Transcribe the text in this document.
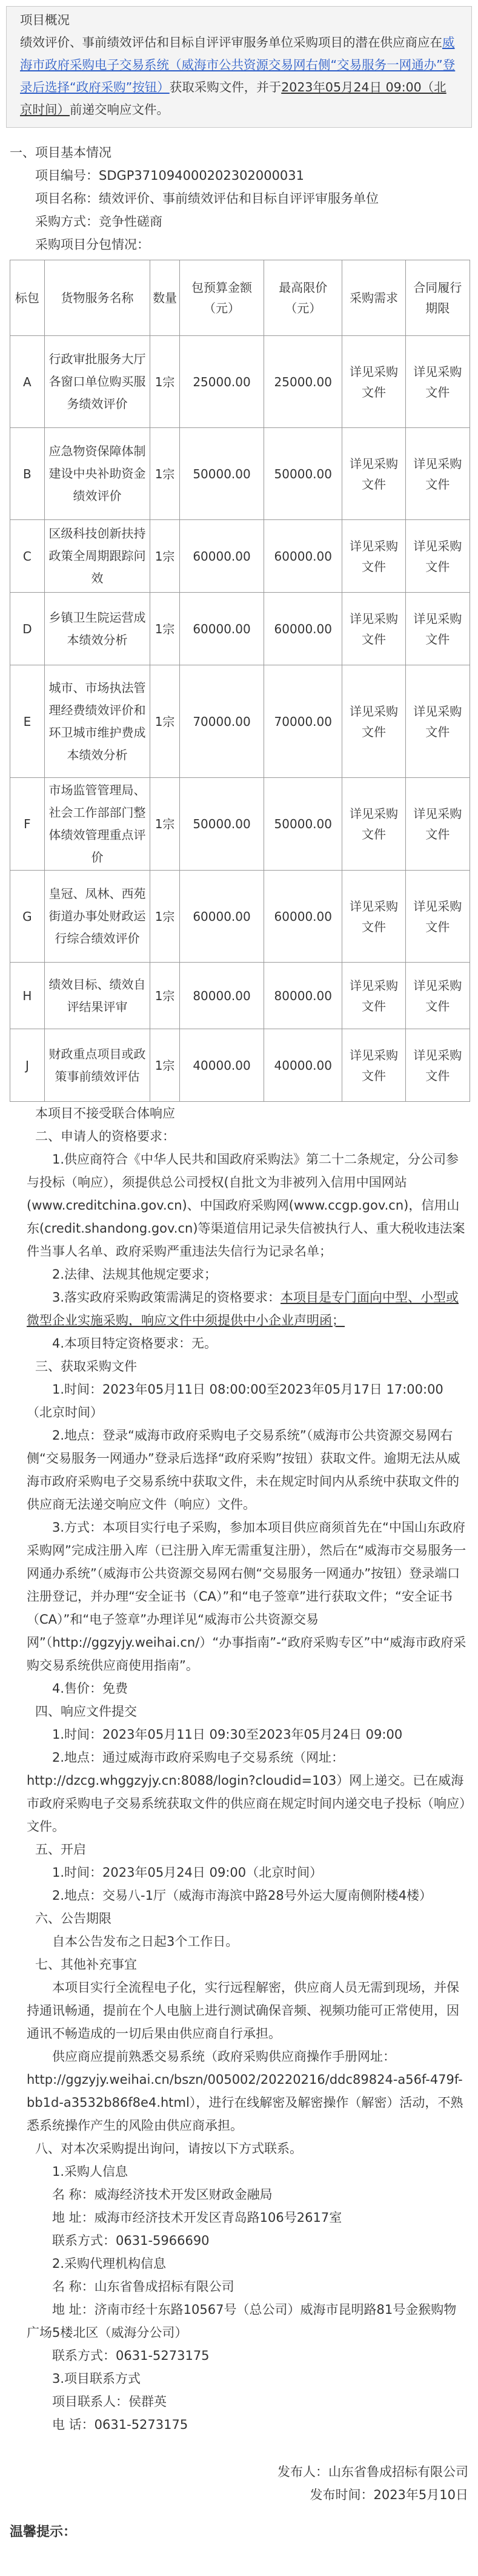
项目概况

绩效评价、事前绩效评估和目标自评评审服务单位采购项目的潜在供应商应在威海市政府采购电子交易系统（威海市公共资源交易网右侧“交易服务一网通办”登录后选择“政府采购”按钮）获取采购文件，并于2023年05月24日 09:00（北京时间）前递交响应文件。

一、项目基本情况

项目编号：SDGP371094000202302000031

项目名称：绩效评价、事前绩效评估和目标自评评审服务单位

采购方式：竞争性磋商

采购项目分包情况：

标包	货物服务名称	数量	包预算金额（元）	最高限价（元）	采购需求	合同履行期限
A	行政审批服务大厅各窗口单位购买服务绩效评价	1宗	25000.00	25000.00	详见采购文件	详见采购文件
B	应急物资保障体制建设中央补助资金绩效评价	1宗	50000.00	50000.00	详见采购文件	详见采购文件
C	区级科技创新扶持政策全周期跟踪问效	1宗	60000.00	60000.00	详见采购文件	详见采购文件
D	乡镇卫生院运营成本绩效分析	1宗	60000.00	60000.00	详见采购文件	详见采购文件
E	城市、市场执法管理经费绩效评价和环卫城市维护费成本绩效分析	1宗	70000.00	70000.00	详见采购文件	详见采购文件
F	市场监管管理局、社会工作部部门整体绩效管理重点评价	1宗	50000.00	50000.00	详见采购文件	详见采购文件
G	皇冠、凤林、西苑街道办事处财政运行综合绩效评价	1宗	60000.00	60000.00	详见采购文件	详见采购文件
H	绩效目标、绩效自评结果评审	1宗	80000.00	80000.00	详见采购文件	详见采购文件
J	财政重点项目或政策事前绩效评估	1宗	40000.00	40000.00	详见采购文件	详见采购文件

本项目不接受联合体响应

二、申请人的资格要求：

1.供应商符合《中华人民共和国政府采购法》第二十二条规定，分公司参与投标（响应），须提供总公司授权(自批文为非被列入信用中国网站(www.creditchina.gov.cn)、中国政府采购网(www.ccgp.gov.cn)，信用山东(credit.shandong.gov.cn)等渠道信用记录失信被执行人、重大税收违法案件当事人名单、政府采购严重违法失信行为记录名单；

2.法律、法规其他规定要求；

3.落实政府采购政策需满足的资格要求：本项目是专门面向中型、小型或微型企业实施采购，响应文件中须提供中小企业声明函；

4.本项目特定资格要求：无。

三、获取采购文件

1.时间：2023年05月11日 08:00:00至2023年05月17日 17:00:00（北京时间）

2.地点：登录“威海市政府采购电子交易系统”（威海市公共资源交易网右侧“交易服务一网通办”登录后选择“政府采购”按钮）获取文件。逾期无法从威海市政府采购电子交易系统中获取文件，未在规定时间内从系统中获取文件的供应商无法递交响应文件（响应）文件。

3.方式：本项目实行电子采购，参加本项目供应商须首先在“中国山东政府采购网”完成注册入库（已注册入库无需重复注册），然后在“威海市交易服务一网通办系统”（威海市公共资源交易网右侧“交易服务一网通办”按钮）登录端口注册登记，并办理“安全证书（CA）”和“电子签章”进行获取文件；“安全证书（CA）”和“电子签章”办理详见“威海市公共资源交易网”（http://ggzyjy.weihai.cn/）“办事指南”-“政府采购专区”中“威海市政府采购交易系统供应商使用指南”。

4.售价：免费

四、响应文件提交

1.时间：2023年05月11日 09:30至2023年05月24日 09:00

2.地点：通过威海市政府采购电子交易系统（网址：http://dzcg.whggzyjy.cn:8088/login?cloudid=103）网上递交。已在威海市政府采购电子交易系统获取文件的供应商在规定时间内递交电子投标（响应）文件。

五、开启

1.时间：2023年05月24日 09:00（北京时间）

2.地点：交易八-1厅（威海市海滨中路28号外运大厦南侧附楼4楼）

六、公告期限

自本公告发布之日起3个工作日。

七、其他补充事宜

本项目实行全流程电子化，实行远程解密，供应商人员无需到现场，并保持通讯畅通，提前在个人电脑上进行测试确保音频、视频功能可正常使用，因通讯不畅造成的一切后果由供应商自行承担。

供应商应提前熟悉交易系统（政府采购供应商操作手册网址：http://ggzyjy.weihai.cn/bszn/005002/20220216/ddc89824-a56f-479f-bb1d-a3532b86f8e4.html），进行在线解密及解密操作（解密）活动，不熟悉系统操作产生的风险由供应商承担。

八、对本次采购提出询问，请按以下方式联系。

1.采购人信息

名 称：威海经济技术开发区财政金融局

地 址：威海市经济技术开发区青岛路106号2617室

联系方式：0631-5966690

2.采购代理机构信息

名 称：山东省鲁成招标有限公司

地 址：济南市经十东路10567号（总公司）威海市昆明路81号金猴购物广场5楼北区（威海分公司）

联系方式：0631-5273175

3.项目联系方式

项目联系人：侯群英

电 话：0631-5273175

发布人：山东省鲁成招标有限公司

发布时间：2023年5月10日

温馨提示：
